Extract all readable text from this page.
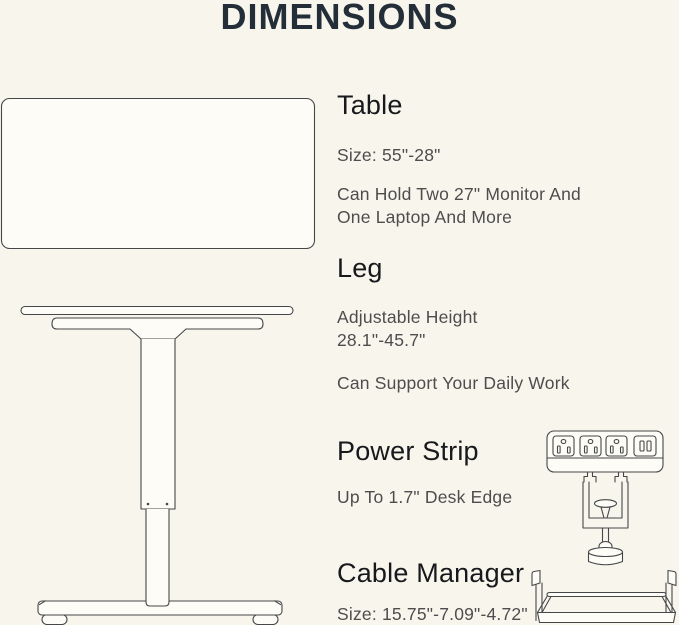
DIMENSIONS
Table
Size: 55"-28"
Can Hold Two 27" Monitor And
One Laptop And More
Leg
Adjustable Height
28.1"-45.7"
Can Support Your Daily Work
Power Strip
Up To 1.7" Desk Edge
Cable Manager
Size: 15.75"-7.09"-4.72"
